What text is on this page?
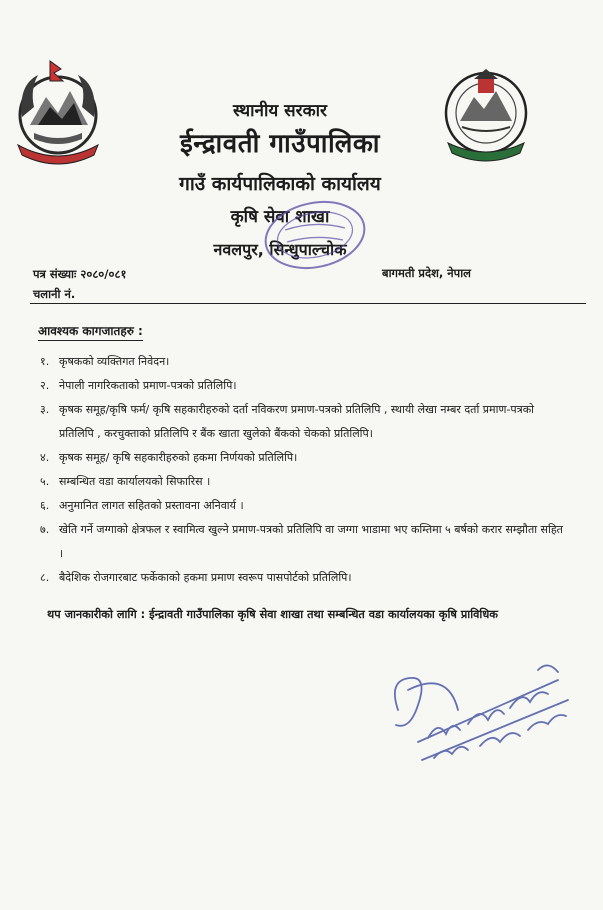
स्थानीय सरकार
ईन्द्रावती गाउँपालिका
गाउँ कार्यपालिकाको कार्यालय
कृषि सेवा शाखा
नवलपुर, सिन्धुपाल्चोक
पत्र संख्याः २०८०/०८१
चलानी नं.
बागमती प्रदेश, नेपाल
आवश्यक कागजातहरु :
१. कृषकको व्यक्तिगत निवेदन।
२. नेपाली नागरिकताको प्रमाण-पत्रको प्रतिलिपि।
३. कृषक समूह/कृषि फर्म/ कृषि सहकारीहरुको दर्ता नविकरण प्रमाण-पत्रको प्रतिलिपि , स्थायी लेखा नम्बर दर्ता प्रमाण-पत्रको प्रतिलिपि , करचुक्ताको प्रतिलिपि र बैंक खाता खुलेको बैंकको चेकको प्रतिलिपि।
४. कृषक समूह/ कृषि सहकारीहरुको हकमा निर्णयको प्रतिलिपि।
५. सम्बन्धित वडा कार्यालयको सिफारिस ।
६. अनुमानित लागत सहितको प्रस्तावना अनिवार्य ।
७. खेति गर्ने जग्गाको क्षेत्रफल र स्वामित्व खुल्ने प्रमाण-पत्रको प्रतिलिपि वा जग्गा भाडामा भए कम्तिमा ५ बर्षको करार सम्झौता सहित ।
८. बैदेशिक रोजगारबाट फर्केकाको हकमा प्रमाण स्वरूप पासपोर्टको प्रतिलिपि।
थप जानकारीको लागि : ईन्द्रावती गाउँपालिका कृषि सेवा शाखा तथा सम्बन्धित वडा कार्यालयका कृषि प्राविधिक
